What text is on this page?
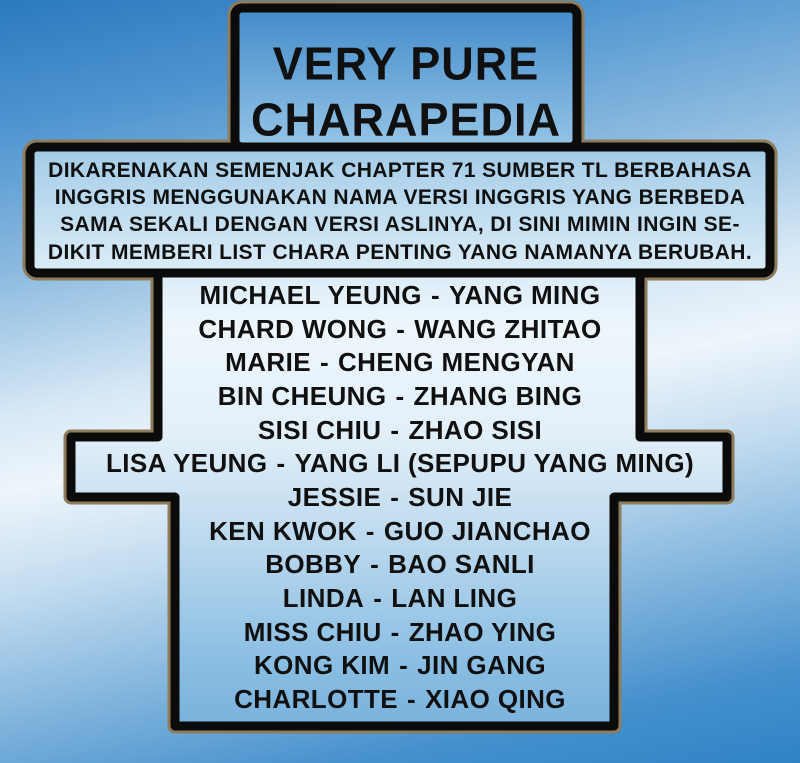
VERY PURE
CHARAPEDIA
DIKARENAKAN SEMENJAK CHAPTER 71 SUMBER TL BERBAHASA
INGGRIS MENGGUNAKAN NAMA VERSI INGGRIS YANG BERBEDA
SAMA SEKALI DENGAN VERSI ASLINYA, DI SINI MIMIN INGIN SE-
DIKIT MEMBERI LIST CHARA PENTING YANG NAMANYA BERUBAH.
MICHAEL YEUNG - YANG MING
CHARD WONG - WANG ZHITAO
MARIE - CHENG MENGYAN
BIN CHEUNG - ZHANG BING
SISI CHIU - ZHAO SISI
LISA YEUNG - YANG LI (SEPUPU YANG MING)
JESSIE - SUN JIE
KEN KWOK - GUO JIANCHAO
BOBBY - BAO SANLI
LINDA - LAN LING
MISS CHIU - ZHAO YING
KONG KIM - JIN GANG
CHARLOTTE - XIAO QING
